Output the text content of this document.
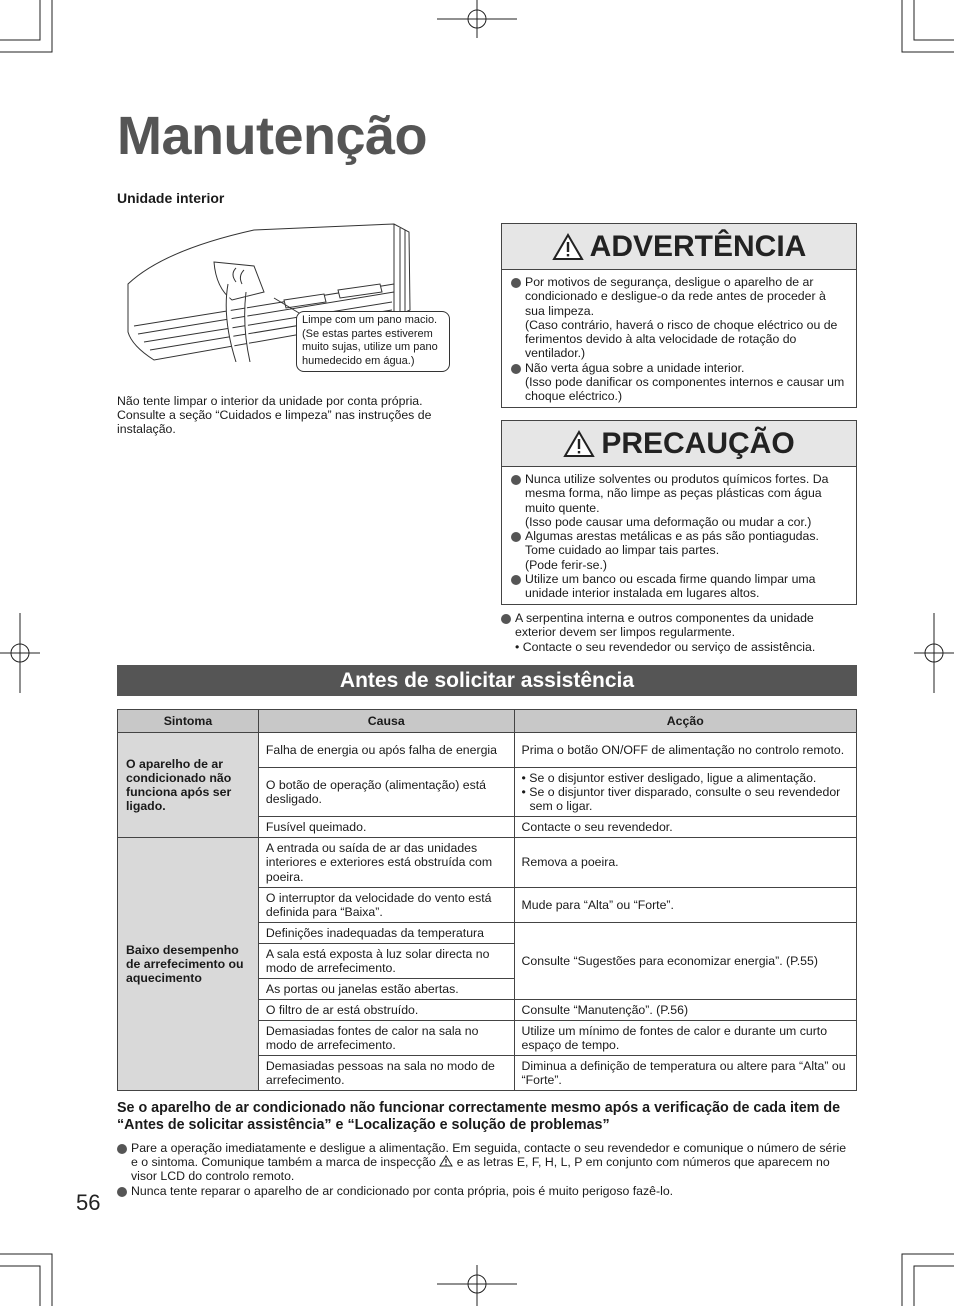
Manutenção
Unidade interior
Limpe com um pano macio. (Se estas partes estiverem muito sujas, utilize um pano humedecido em água.)
Não tente limpar o interior da unidade por conta própria. Consulte a seção “Cuidados e limpeza” nas instruções de instalação.
ADVERTÊNCIA
Por motivos de segurança, desligue o aparelho de ar condicionado e desligue-o da rede antes de proceder à sua limpeza.
(Caso contrário, haverá o risco de choque eléctrico ou de ferimentos devido à alta velocidade de rotação do ventilador.)
Não verta água sobre a unidade interior.
(Isso pode danificar os componentes internos e causar um choque eléctrico.)
PRECAUÇÃO
Nunca utilize solventes ou produtos químicos fortes. Da mesma forma, não limpe as peças plásticas com água muito quente.
(Isso pode causar uma deformação ou mudar a cor.)
Algumas arestas metálicas e as pás são pontiagudas. Tome cuidado ao limpar tais partes.
(Pode ferir-se.)
Utilize um banco ou escada firme quando limpar uma unidade interior instalada em lugares altos.
A serpentina interna e outros componentes da unidade exterior devem ser limpos regularmente.
• Contacte o seu revendedor ou serviço de assistência.
Antes de solicitar assistência
Sintoma	Causa	Acção
O aparelho de ar condicionado não funciona após ser ligado.	Falha de energia ou após falha de energia	Prima o botão ON/OFF de alimentação no controlo remoto.
	O botão de operação (alimentação) está desligado.	• Se o disjuntor estiver desligado, ligue a alimentação.
• Se o disjuntor tiver disparado, consulte o seu revendedor sem o ligar.

	Fusível queimado.	Contacte o seu revendedor.
Baixo desempenho de arrefecimento ou aquecimento	A entrada ou saída de ar das unidades interiores e exteriores está obstruída com poeira.	Remova a poeira.
	O interruptor da velocidade do vento está definida para “Baixa”.	Mude para “Alta” ou “Forte”.
	Definições inadequadas da temperatura	Consulte “Sugestões para economizar energia”. (P.55)
	A sala está exposta à luz solar directa no modo de arrefecimento.	
	As portas ou janelas estão abertas.	
	O filtro de ar está obstruído.	Consulte “Manutenção”. (P.56)
	Demasiadas fontes de calor na sala no modo de arrefecimento.	Utilize um mínimo de fontes de calor e durante um curto espaço de tempo.
	Demasiadas pessoas na sala no modo de arrefecimento.	Diminua a definição de temperatura ou altere para “Alta” ou “Forte”.
Se o aparelho de ar condicionado não funcionar correctamente mesmo após a verificação de cada item de “Antes de solicitar assistência” e “Localização e solução de problemas”
Pare a operação imediatamente e desligue a alimentação. Em seguida, contacte o seu revendedor e comunique o número de série e o sintoma. Comunique também a marca de inspecção e as letras E, F, H, L, P em conjunto com números que aparecem no visor LCD do controlo remoto.
Nunca tente reparar o aparelho de ar condicionado por conta própria, pois é muito perigoso fazê-lo.
56
